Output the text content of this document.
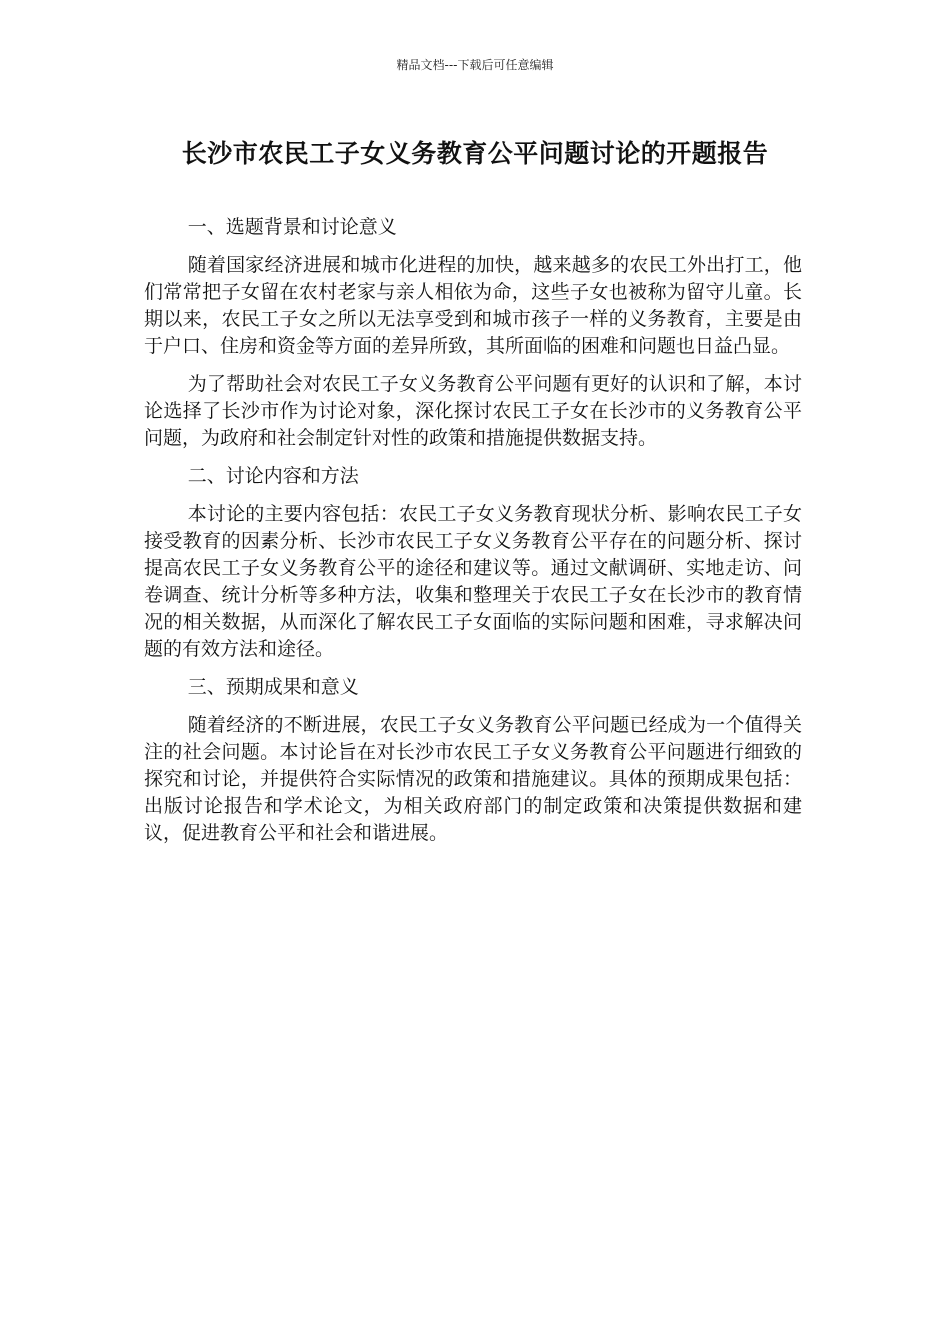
精品文档---下载后可任意编辑
长沙市农民工子女义务教育公平问题讨论的开题报告

一、选题背景和讨论意义

随着国家经济进展和城市化进程的加快，越来越多的农民工外出打工，他们常常把子女留在农村老家与亲人相依为命，这些子女也被称为留守儿童。长期以来，农民工子女之所以无法享受到和城市孩子一样的义务教育，主要是由于户口、住房和资金等方面的差异所致，其所面临的困难和问题也日益凸显。

为了帮助社会对农民工子女义务教育公平问题有更好的认识和了解，本讨论选择了长沙市作为讨论对象，深化探讨农民工子女在长沙市的义务教育公平问题，为政府和社会制定针对性的政策和措施提供数据支持。

二、讨论内容和方法

本讨论的主要内容包括：农民工子女义务教育现状分析、影响农民工子女接受教育的因素分析、长沙市农民工子女义务教育公平存在的问题分析、探讨提高农民工子女义务教育公平的途径和建议等。通过文献调研、实地走访、问卷调查、统计分析等多种方法，收集和整理关于农民工子女在长沙市的教育情况的相关数据，从而深化了解农民工子女面临的实际问题和困难，寻求解决问题的有效方法和途径。

三、预期成果和意义

随着经济的不断进展，农民工子女义务教育公平问题已经成为一个值得关注的社会问题。本讨论旨在对长沙市农民工子女义务教育公平问题进行细致的探究和讨论，并提供符合实际情况的政策和措施建议。具体的预期成果包括：出版讨论报告和学术论文，为相关政府部门的制定政策和决策提供数据和建议，促进教育公平和社会和谐进展。
